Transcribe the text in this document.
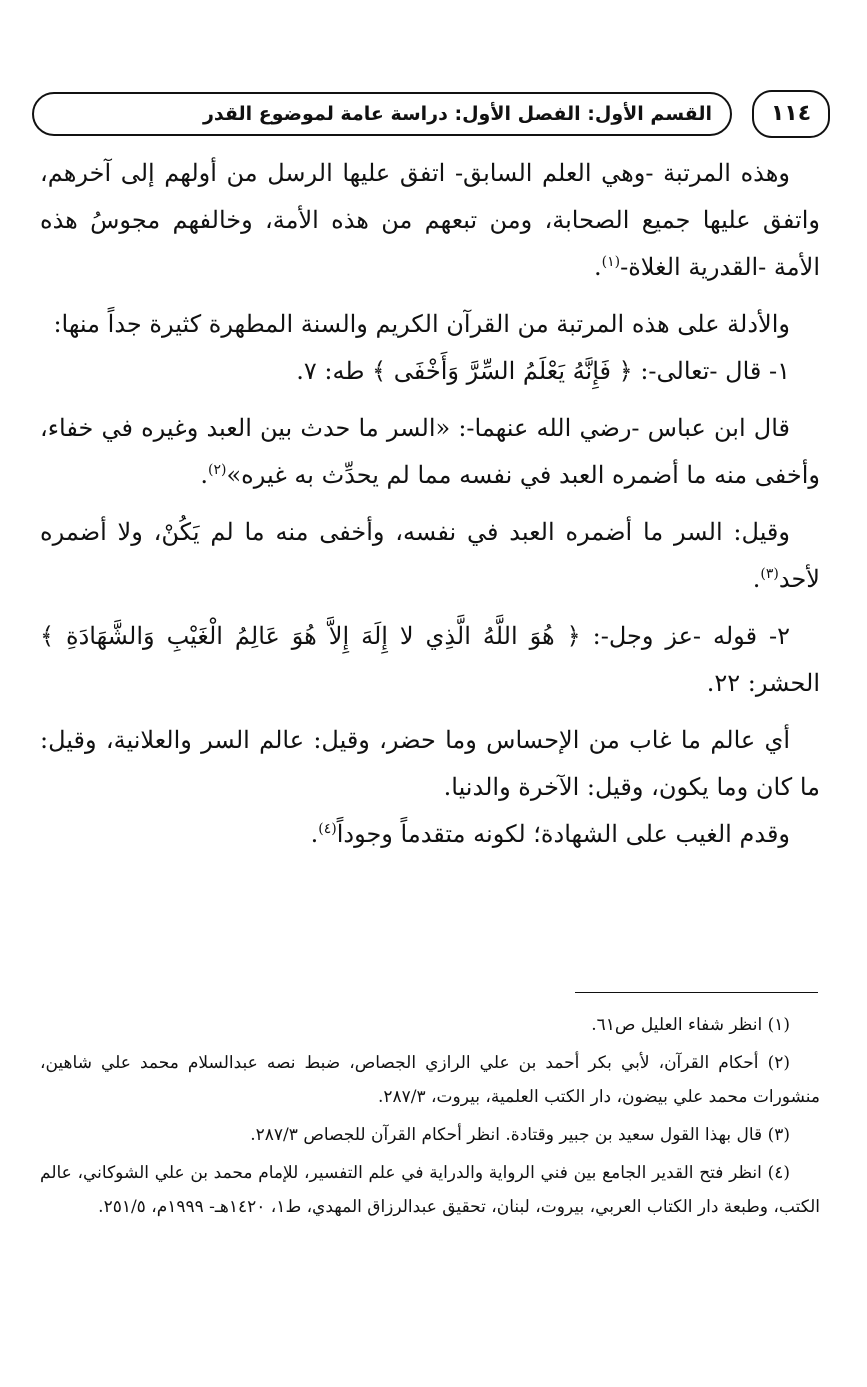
القسم الأول: الفصل الأول: دراسة عامة لموضوع القدر	١١٤

وهذه المرتبة -وهي العلم السابق- اتفق عليها الرسل من أولهم إلى آخرهم، واتفق عليها جميع الصحابة، ومن تبعهم من هذه الأمة، وخالفهم مجوسُ هذه الأمة -القدرية الغلاة-$^{(١)}$.

والأدلة على هذه المرتبة من القرآن الكريم والسنة المطهرة كثيرة جداً منها:

١- قال -تعالى-: ﴿ فَإِنَّهُ يَعْلَمُ السِّرَّ وَأَخْفَى ﴾ طه: ٧.

قال ابن عباس -رضي الله عنهما-: «السر ما حدث بين العبد وغيره في خفاء، وأخفى منه ما أضمره العبد في نفسه مما لم يحدِّث به غيره»$^{(٢)}$.

وقيل: السر ما أضمره العبد في نفسه، وأخفى منه ما لم يَكُنْ، ولا أضمره لأحد$^{(٣)}$.

٢- قوله -عز وجل-: ﴿ هُوَ اللَّهُ الَّذِي لا إِلَهَ إِلاَّ هُوَ عَالِمُ الْغَيْبِ وَالشَّهَادَةِ ﴾ الحشر: ٢٢.

أي عالم ما غاب من الإحساس وما حضر، وقيل: عالم السر والعلانية، وقيل: ما كان وما يكون، وقيل: الآخرة والدنيا.

وقدم الغيب على الشهادة؛ لكونه متقدماً وجوداً$^{(٤)}$.

(١) انظر شفاء العليل ص٦١.

(٢) أحكام القرآن، لأبي بكر أحمد بن علي الرازي الجصاص، ضبط نصه عبدالسلام محمد علي شاهين، منشورات محمد علي بيضون، دار الكتب العلمية، بيروت، ٢٨٧/٣.

(٣) قال بهذا القول سعيد بن جبير وقتادة. انظر أحكام القرآن للجصاص ٢٨٧/٣.

(٤) انظر فتح القدير الجامع بين فني الرواية والدراية في علم التفسير، للإمام محمد بن علي الشوكاني، عالم الكتب، وطبعة دار الكتاب العربي، بيروت، لبنان، تحقيق عبدالرزاق المهدي، ط١، ١٤٢٠هـ- ١٩٩٩م، ٢٥١/٥.
